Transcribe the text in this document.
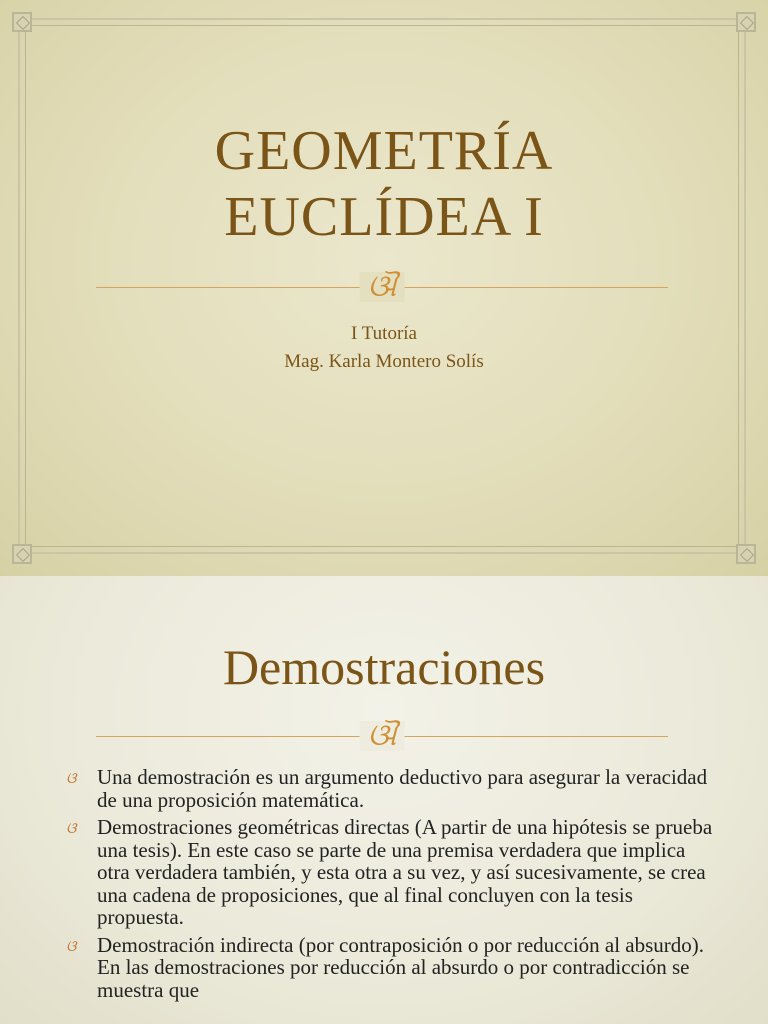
GEOMETRÍA
EUCLÍDEA I
ଔ
I Tutoría
Mag. Karla Montero Solís
Demostraciones
ଔ
ଓ Una demostración es un argumento deductivo para asegurar la veracidad de una proposición matemática.
ଓ Demostraciones geométricas directas (A partir de una hipótesis se prueba una tesis). En este caso se parte de una premisa verdadera que implica otra verdadera también, y esta otra a su vez, y así sucesivamente, se crea una cadena de proposiciones, que al final concluyen con la tesis propuesta.
ଓ Demostración indirecta (por contraposición o por reducción al absurdo). En las demostraciones por reducción al absurdo o por contradicción se muestra que
